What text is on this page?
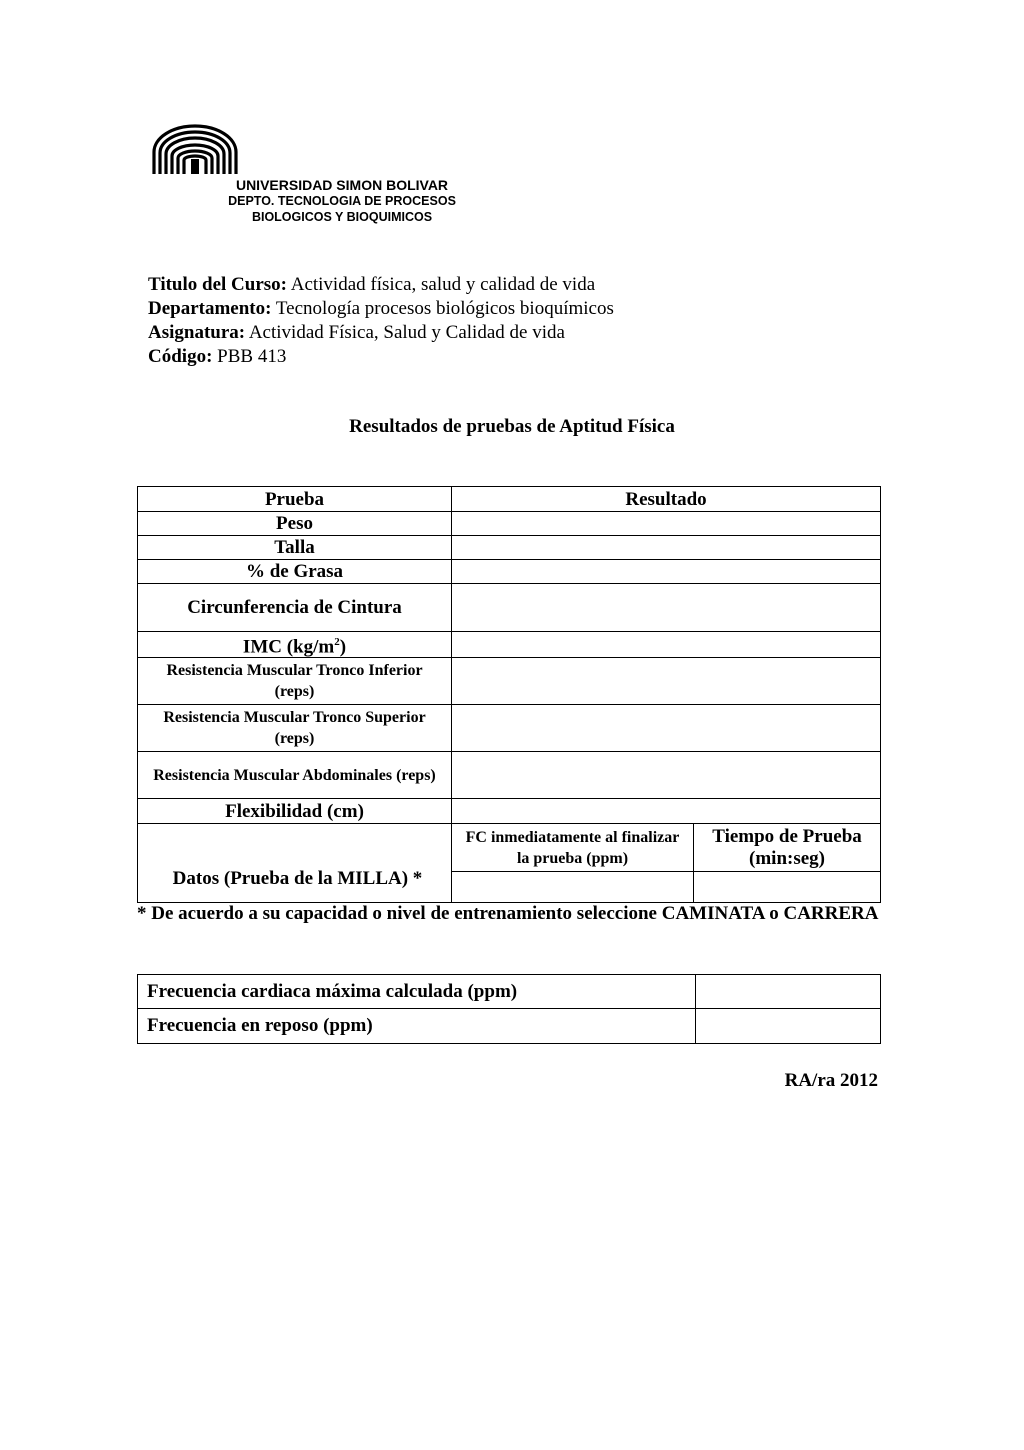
UNIVERSIDAD SIMON BOLIVAR
DEPTO. TECNOLOGIA DE PROCESOS
BIOLOGICOS Y BIOQUIMICOS
Titulo del Curso: Actividad física, salud y calidad de vida
Departamento: Tecnología procesos biológicos bioquímicos
Asignatura: Actividad Física, Salud y Calidad de vida
Código: PBB 413
Resultados de pruebas de Aptitud Física
Prueba	Resultado	
Peso		
Talla		
% de Grasa		
Circunferencia de Cintura		
IMC $(kg/m^2)$		
Resistencia Muscular Tronco Inferior (reps)		
Resistencia Muscular Tronco Superior (reps)		
Resistencia Muscular Abdominales (reps)		
Flexibilidad (cm)		
Datos (Prueba de la MILLA) *	FC inmediatamente al finalizar la prueba (ppm)	Tiempo de Prueba (min:seg)

* De acuerdo a su capacidad o nivel de entrenamiento seleccione CAMINATA o CARRERA
Frecuencia cardiaca máxima calculada (ppm)	
Frecuencia en reposo (ppm)	
RA/ra 2012
